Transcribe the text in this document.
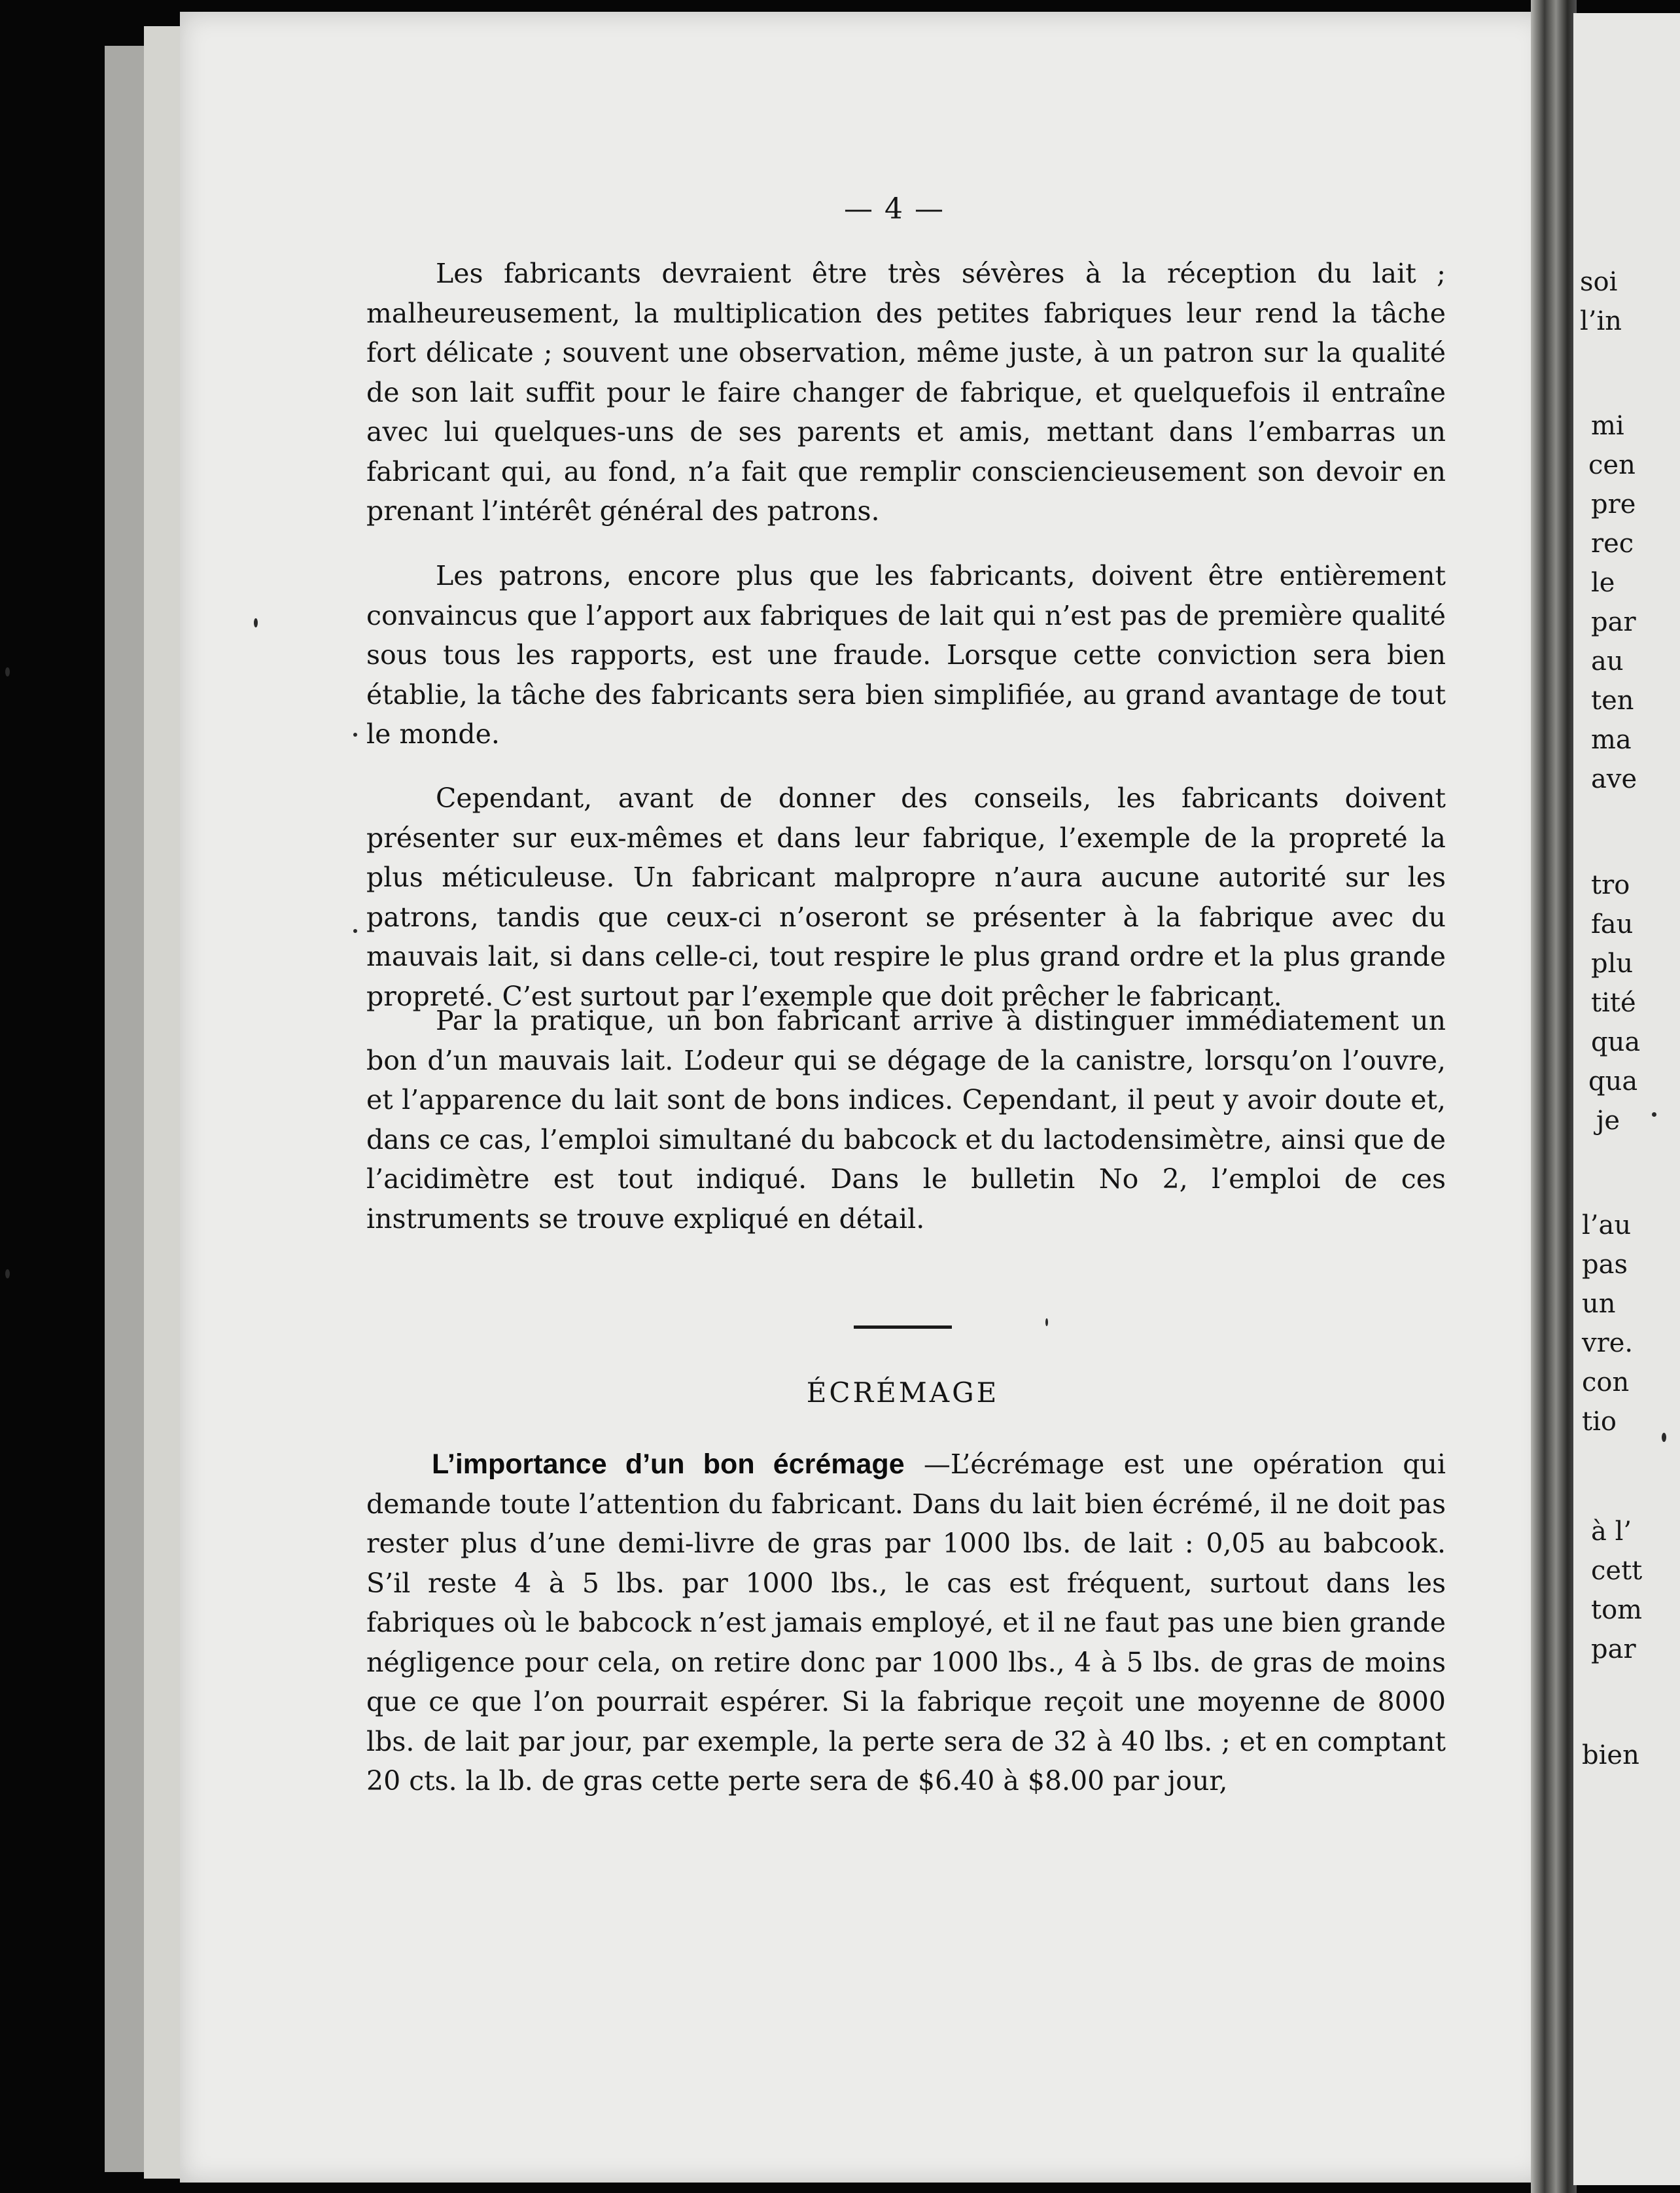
— 4 —
Les fabricants devraient être très sévères à la réception du lait ; malheureusement, la multiplication des petites fabriques leur rend la tâche fort délicate ; souvent une observation, même juste, à un patron sur la qualité de son lait suffit pour le faire changer de fabrique, et quelquefois il entraîne avec lui quelques-uns de ses parents et amis, mettant dans l’embarras un fabricant qui, au fond, n’a fait que remplir consciencieusement son devoir en prenant l’intérêt général des patrons.
Les patrons, encore plus que les fabricants, doivent être entièrement convaincus que l’apport aux fabriques de lait qui n’est pas de première qualité sous tous les rapports, est une fraude. Lorsque cette conviction sera bien établie, la tâche des fabricants sera bien simplifiée, au grand avantage de tout le monde.
Cependant, avant de donner des conseils, les fabricants doivent présenter sur eux-mêmes et dans leur fabrique, l’exemple de la propreté la plus méticuleuse. Un fabricant malpropre n’aura aucune autorité sur les patrons, tandis que ceux-ci n’oseront se présenter à la fabrique avec du mauvais lait, si dans celle-ci, tout respire le plus grand ordre et la plus grande propreté. C’est surtout par l’exemple que doit prêcher le fabricant.
Par la pratique, un bon fabricant arrive à distinguer immédiatement un bon d’un mauvais lait. L’odeur qui se dégage de la canistre, lorsqu’on l’ouvre, et l’apparence du lait sont de bons indices. Cependant, il peut y avoir doute et, dans ce cas, l’emploi simultané du babcock et du lactodensimètre, ainsi que de l’acidimètre est tout indiqué. Dans le bulletin No 2, l’emploi de ces instruments se trouve expliqué en détail.
ÉCRÉMAGE
L’importance d’un bon écrémage —L’écrémage est une opération qui demande toute l’attention du fabricant. Dans du lait bien écrémé, il ne doit pas rester plus d’une demi-livre de gras par 1000 lbs. de lait : 0,05 au babcook. S’il reste 4 à 5 lbs. par 1000 lbs., le cas est fréquent, surtout dans les fabriques où le babcock n’est jamais employé, et il ne faut pas une bien grande négligence pour cela, on retire donc par 1000 lbs., 4 à 5 lbs. de gras de moins que ce que l’on pourrait espérer. Si la fabrique reçoit une moyenne de 8000 lbs. de lait par jour, par exemple, la perte sera de 32 à 40 lbs. ; et en comptant 20 cts. la lb. de gras cette perte sera de $6.40 à $8.00 par jour,
soi
l’in
mi
cen
pre
rec
le
par
au
ten
ma
ave
tro
fau
plu
tité
qua
qua
je
l’au
pas
un
vre.
con
tio
à l’
cett
tom
par
bien
